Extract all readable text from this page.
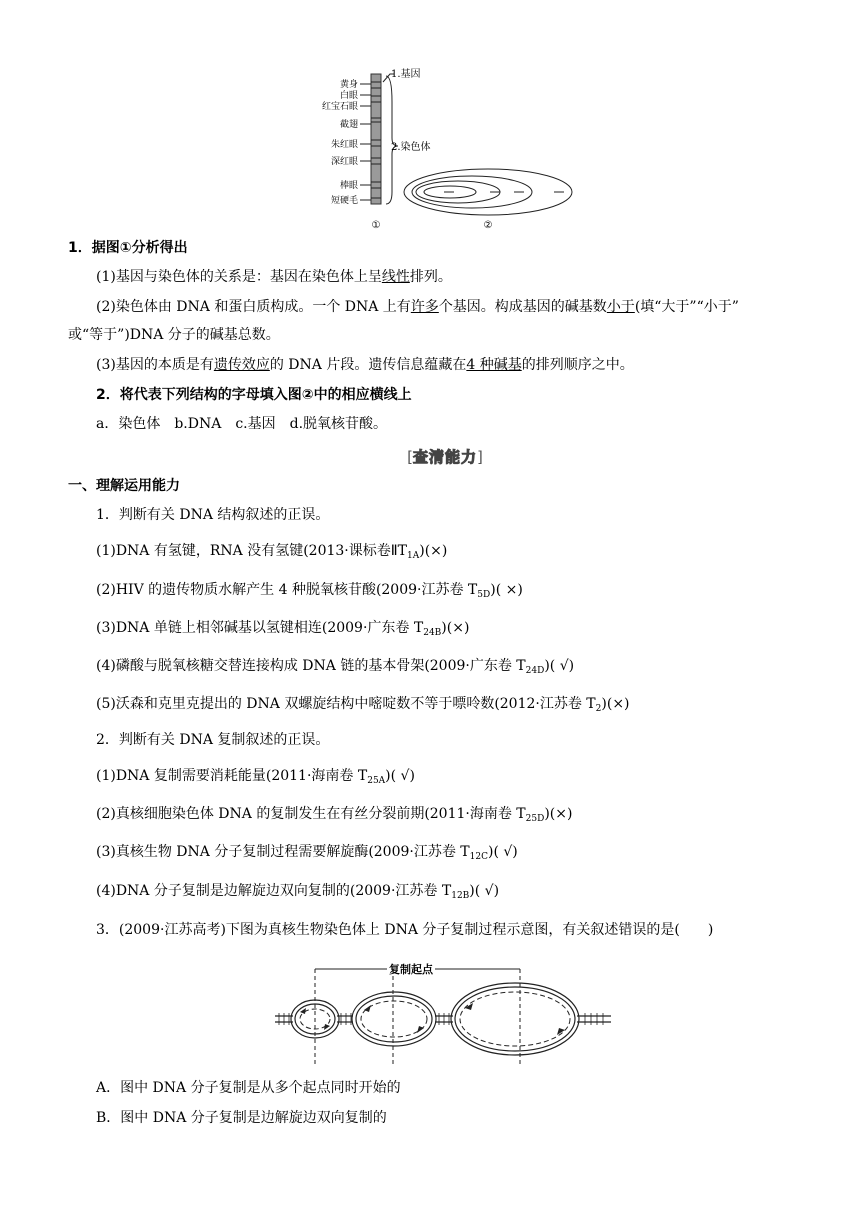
黄身
白眼
红宝石眼
截翅
朱红眼
深红眼
棒眼
短硬毛
1.基因
2.染色体
①	②
1．据图①分析得出
(1)基因与染色体的关系是：基因在染色体上呈线性排列。
(2)染色体由 DNA 和蛋白质构成。一个 DNA 上有许多个基因。构成基因的碱基数小于(填“大于”“小于”
或“等于”)DNA 分子的碱基总数。
(3)基因的本质是有遗传效应的 DNA 片段。遗传信息蕴藏在4 种碱基的排列顺序之中。
2．将代表下列结构的字母填入图②中的相应横线上
a．染色体　b.DNA　c.基因　d.脱氧核苷酸。
[查清能力]
一、理解运用能力
1．判断有关 DNA 结构叙述的正误。
(1)DNA 有氢键，RNA 没有氢键(2013·课标卷$ⅡT_{1A})(\times)$
(2)HIV 的遗传物质水解产生 4 种脱氧核苷酸(2009·江苏卷 $T_{5D}$)( ×)
(3)DNA 单链上相邻碱基以氢键相连(2009·广东卷 $T_{24B})(\times)$
(4)磷酸与脱氧核糖交替连接构成 DNA 链的基本骨架(2009·广东卷 $T_{24D}$)( √)
(5)沃森和克里克提出的 DNA 双螺旋结构中嘧啶数不等于嘌呤数(2012·江苏卷 $T_2)(\times)$
2．判断有关 DNA 复制叙述的正误。
(1)DNA 复制需要消耗能量(2011·海南卷 $T_{25A}$)( √)
(2)真核细胞染色体 DNA 的复制发生在有丝分裂前期(2011·海南卷 $T_{25D})(\times)$
(3)真核生物 DNA 分子复制过程需要解旋酶(2009·江苏卷 $T_{12C}$)( √)
(4)DNA 分子复制是边解旋边双向复制的(2009·江苏卷 $T_{12B}$)( √)
3．(2009·江苏高考)下图为真核生物染色体上 DNA 分子复制过程示意图，有关叙述错误的是(　　)
复制起点
A．图中 DNA 分子复制是从多个起点同时开始的
B．图中 DNA 分子复制是边解旋边双向复制的
